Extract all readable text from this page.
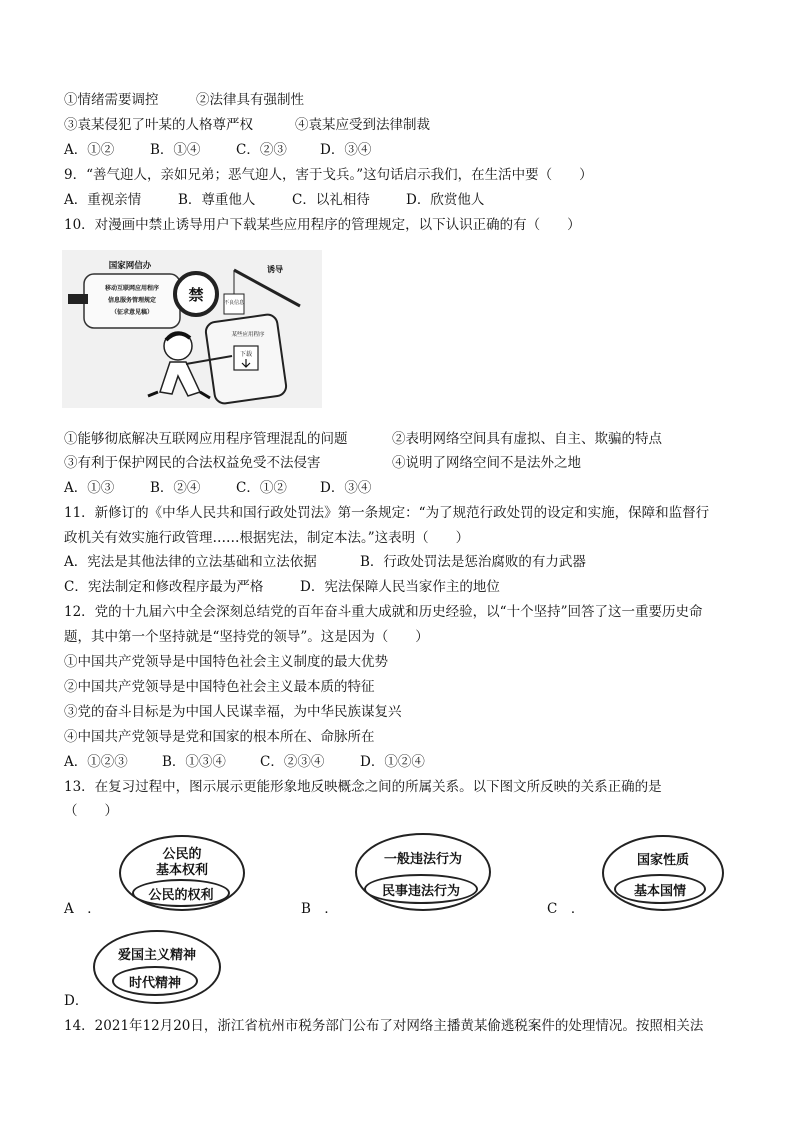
①情绪需要调控	②法律具有强制性
③袁某侵犯了叶某的人格尊严权	④袁某应受到法律制裁
A．①②	B．①④	C．②③ D．③④
9．“善气迎人，亲如兄弟；恶气迎人，害于戈兵。”这句话启示我们，在生活中要（　　）
A．重视亲情	B．尊重他人	C．以礼相待	D．欣赏他人
10．对漫画中禁止诱导用户下载某些应用程序的管理规定，以下认识正确的有（　　）
国家网信办
移动互联网应用程序
信息服务管理规定
（征求意见稿）
禁
诱导
不良信息
某些应用程序
下载
①能够彻底解决互联网应用程序管理混乱的问题	②表明网络空间具有虚拟、自主、欺骗的特点
③有利于保护网民的合法权益免受不法侵害	④说明了网络空间不是法外之地
A．①③	B．②④	C．①② D．③④
11．新修订的《中华人民共和国行政处罚法》第一条规定：“为了规范行政处罚的设定和实施，保障和监督行
政机关有效实施行政管理……根据宪法，制定本法。”这表明（　　）
A．宪法是其他法律的立法基础和立法依据	B．行政处罚法是惩治腐败的有力武器
C．宪法制定和修改程序最为严格	D．宪法保障人民当家作主的地位
12．党的十九届六中全会深刻总结党的百年奋斗重大成就和历史经验，以“十个坚持”回答了这一重要历史命
题，其中第一个坚持就是“坚持党的领导”。这是因为（　　）
①中国共产党领导是中国特色社会主义制度的最大优势
②中国共产党领导是中国特色社会主义最本质的特征
③党的奋斗目标是为中国人民谋幸福，为中华民族谋复兴
④中国共产党领导是党和国家的根本所在、命脉所在
A．①②③	B．①③④	C．②③④	D．①②④
13．在复习过程中，图示展示更能形象地反映概念之间的所属关系。以下图文所反映的关系正确的是
（　　）
A　．
公民的
基本权利
公民的权利
B　．
一般违法行为
民事违法行为
C　．
国家性质
基本国情
爱国主义精神
时代精神
D．
14．2021年12月20日，浙江省杭州市税务部门公布了对网络主播黄某偷逃税案件的处理情况。按照相关法
